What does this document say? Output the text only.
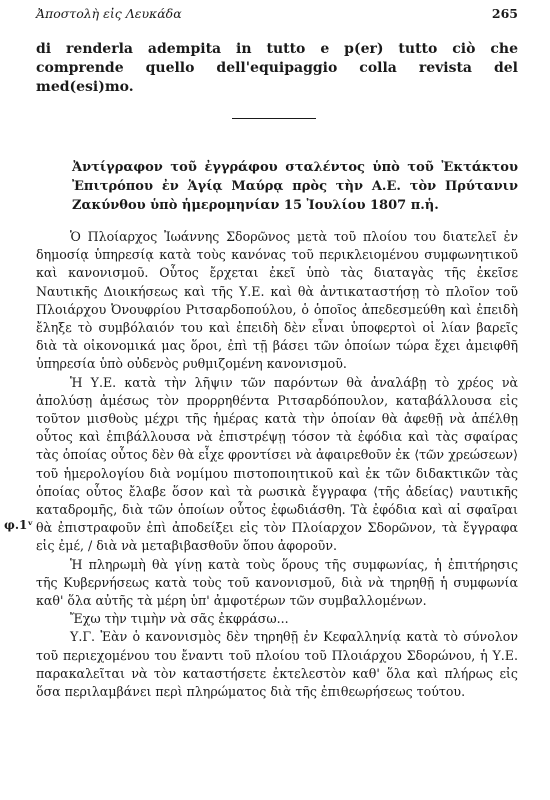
Ἀποστολὴ εἰς Λευκάδα	265
di renderla adempita in tutto e p(er) tutto ciò che comprende quello dell'equipaggio colla revista del med(esi)mo.
Ἀντίγραφον τοῦ ἐγγράφου σταλέντος ὑπὸ τοῦ Ἐκτάκτου Ἐπιτρόπου ἐν Ἁγίᾳ Μαύρᾳ πρὸς τὴν Α.Ε. τὸν Πρύτανιν Ζακύνθου ὑπὸ ἡμερομηνίαν 15 Ἰουλίου 1807 π.ἡ.

Ὁ Πλοίαρχος Ἰωάννης Σδορῶνος μετὰ τοῦ πλοίου του διατελεῖ ἐν δημοσίᾳ ὑπηρεσίᾳ κατὰ τοὺς κανόνας τοῦ περικλειομένου συμφωνητικοῦ καὶ κανονισμοῦ. Οὗτος ἔρχεται ἐκεῖ ὑπὸ τὰς διαταγὰς τῆς ἐκεῖσε Ναυτικῆς Διοικήσεως καὶ τῆς Υ.Ε. καὶ θὰ ἀντικαταστήσῃ τὸ πλοῖον τοῦ Πλοιάρχου Ὀνουφρίου Ριτσαρδοπούλου, ὁ ὁποῖος ἀπεδεσμεύθη καὶ ἐπειδὴ ἔληξε τὸ συμβόλαιόν του καὶ ἐπειδὴ δὲν εἶναι ὑποφερτοὶ οἱ λίαν βαρεῖς διὰ τὰ οἰκονομικά μας ὅροι, ἐπὶ τῇ βάσει τῶν ὁποίων τώρα ἔχει ἀμειφθῆ ὑπηρεσία ὑπὸ οὐδενὸς ρυθμιζομένη κανονισμοῦ.

Ἡ Υ.Ε. κατὰ τὴν λῆψιν τῶν παρόντων θὰ ἀναλάβῃ τὸ χρέος νὰ ἀπολύσῃ ἀμέσως τὸν προρρηθέντα Ριτσαρδόπουλον, καταβάλλουσα εἰς τοῦτον μισθοὺς μέχρι τῆς ἡμέρας κατὰ τὴν ὁποίαν θὰ ἀφεθῇ νὰ ἀπέλθῃ οὗτος καὶ ἐπιβάλλουσα νὰ ἐπιστρέψῃ τόσον τὰ ἐφόδια καὶ τὰς σφαίρας τὰς ὁποίας οὗτος δὲν θὰ εἶχε φροντίσει νὰ ἀφαιρεθοῦν ἐκ ⟨τῶν χρεώσεων⟩ τοῦ ἡμερολογίου διὰ νομίμου πιστοποιητικοῦ καὶ ἐκ τῶν διδακτικῶν τὰς ὁποίας οὗτος ἔλαβε ὅσον καὶ τὰ ρωσικὰ ἔγγραφα ⟨τῆς ἀδείας⟩ ναυτικῆς καταδρομῆς, διὰ τῶν ὁποίων οὗτος ἐφωδιάσθη. Τὰ ἐφόδια καὶ αἱ σφαῖραι θὰ ἐπιστραφοῦν ἐπὶ ἀποδείξει εἰς τὸν Πλοίαρχον Σδορῶνον, τὰ ἔγγραφα εἰς ἐμέ, / διὰ νὰ μεταβιβασθοῦν ὅπου ἀφορoῦν.

Ἡ πληρωμὴ θὰ γίνῃ κατὰ τοὺς ὅρους τῆς συμφωνίας, ἡ ἐπιτήρησις τῆς Κυβερνήσεως κατὰ τοὺς τοῦ κανονισμοῦ, διὰ νὰ τηρηθῇ ἡ συμφωνία καθ' ὅλα αὐτῆς τὰ μέρη ὑπ' ἀμφοτέρων τῶν συμβαλλομένων.

Ἔχω τὴν τιμὴν νὰ σᾶς ἐκφράσω...

Υ.Γ. Ἐὰν ὁ κανονισμὸς δὲν τηρηθῇ ἐν Κεφαλληνίᾳ κατὰ τὸ σύνολον τοῦ περιεχομένου του ἔναντι τοῦ πλοίου τοῦ Πλοιάρχου Σδορώνου, ἡ Υ.Ε. παρακαλεῖται νὰ τὸν καταστήσετε ἐκτελεστὸν καθ' ὅλα καὶ πλήρως εἰς ὅσα περιλαμβάνει περὶ πληρώματος διὰ τῆς ἐπιθεωρήσεως τούτου.

φ.1ᵛ
